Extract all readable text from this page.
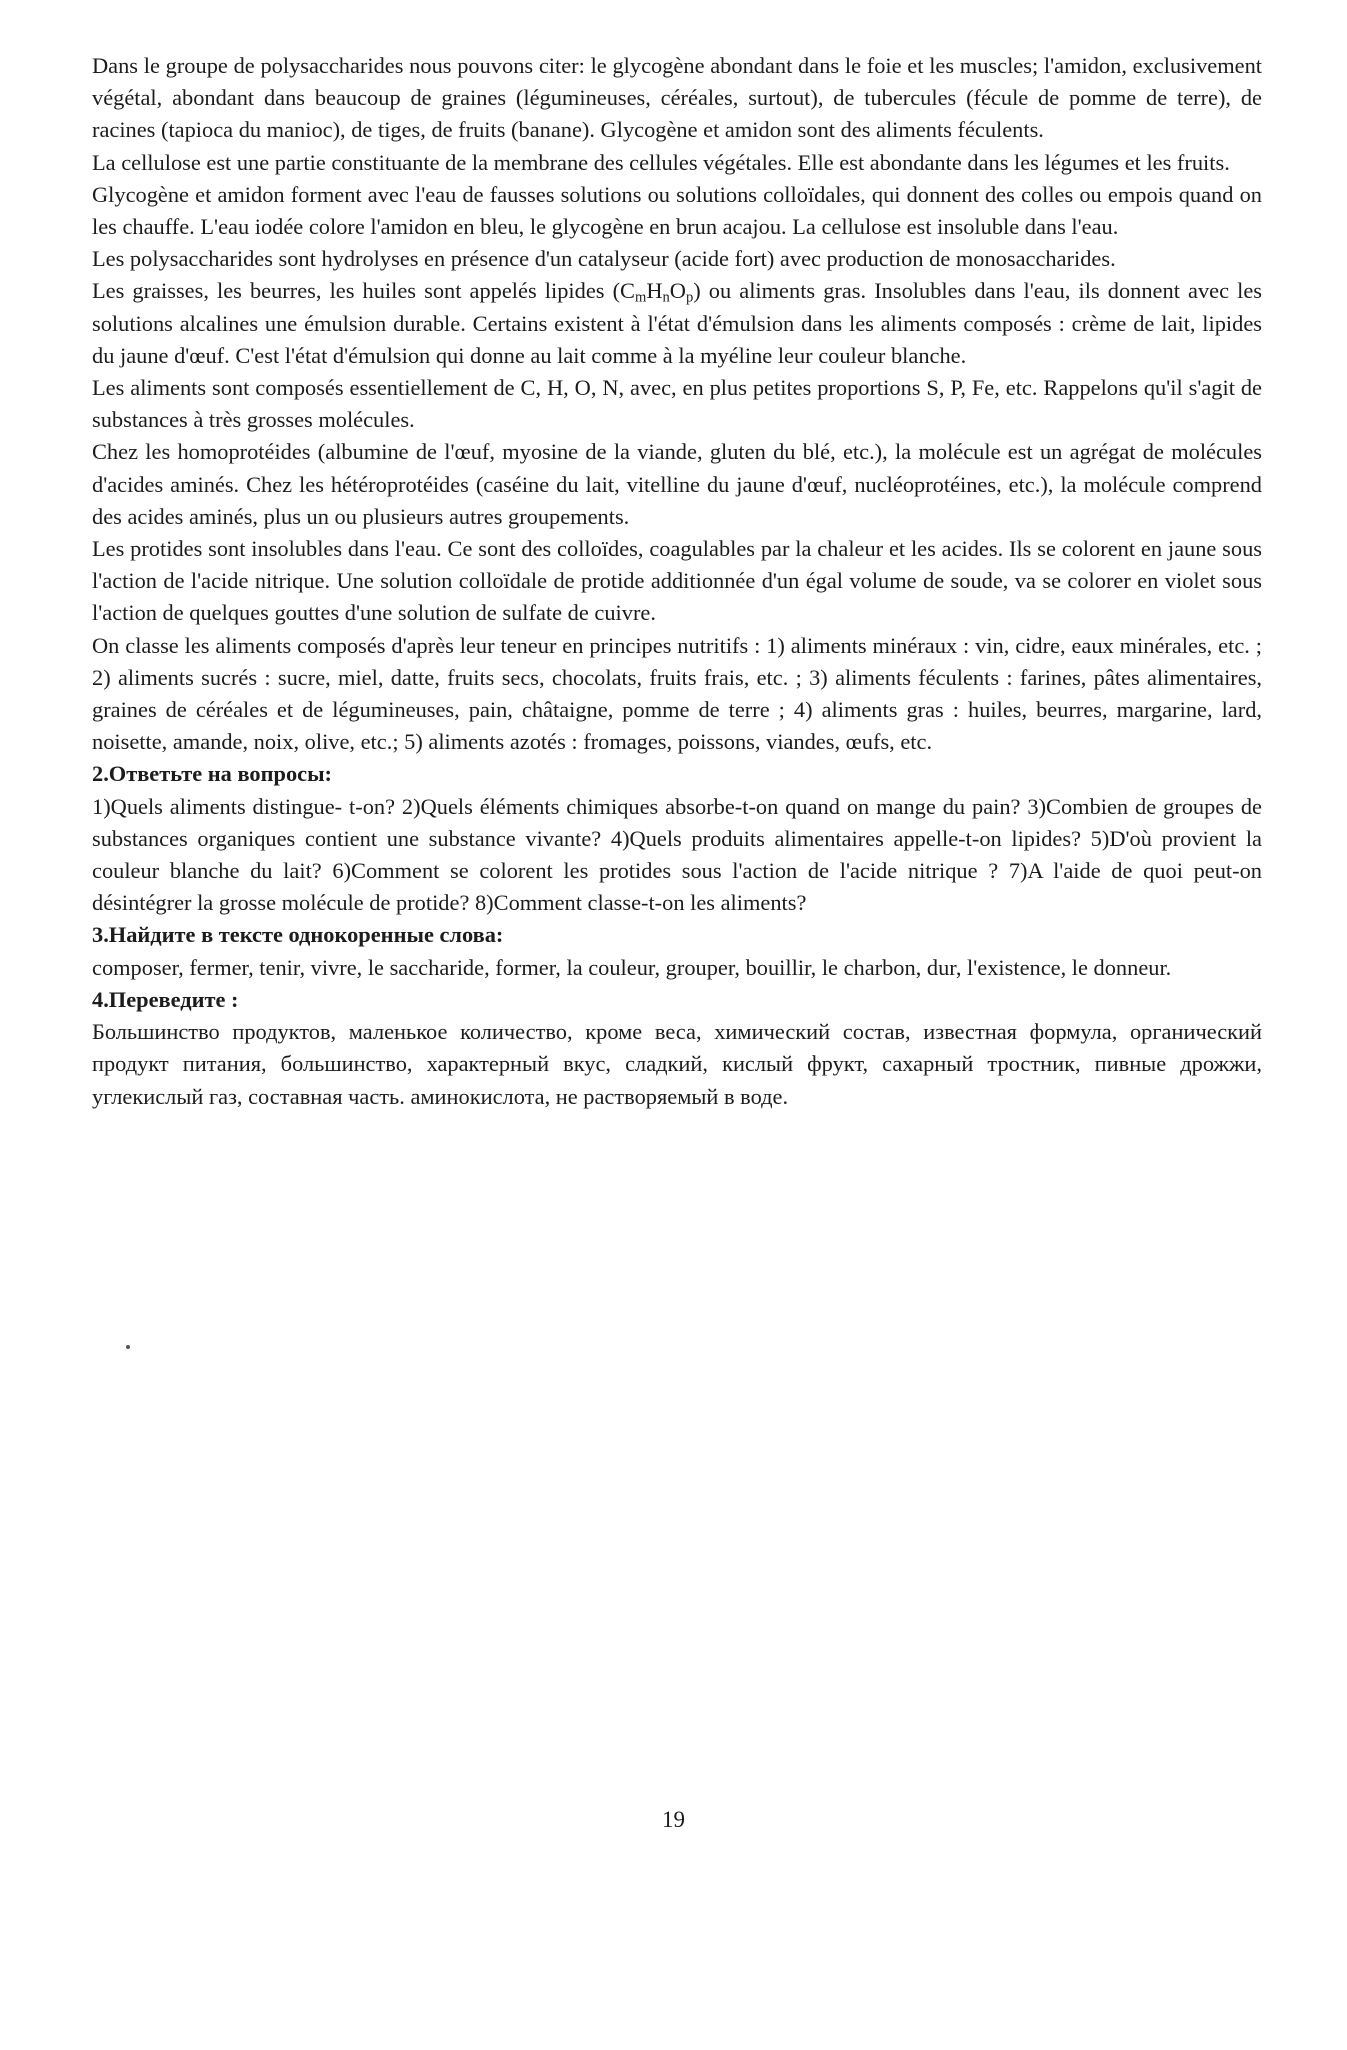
Dans le groupe de polysaccharides nous pouvons citer: le glycogène abondant dans le foie et les muscles; l'amidon, exclusivement végétal, abondant dans beaucoup de graines (légumineuses, céréales, surtout), de tubercules (fécule de pomme de terre), de racines (tapioca du manioc), de tiges, de fruits (banane). Glycogène et amidon sont des aliments féculents.

La cellulose est une partie constituante de la membrane des cellules végétales. Elle est abondante dans les légumes et les fruits.

Glycogène et amidon forment avec l'eau de fausses solutions ou solutions colloïdales, qui donnent des colles ou empois quand on les chauffe. L'eau iodée colore l'amidon en bleu, le glycogène en brun acajou. La cellulose est insoluble dans l'eau.

Les polysaccharides sont hydrolyses en présence d'un catalyseur (acide fort) avec production de monosaccharides.

Les graisses, les beurres, les huiles sont appelés lipides $(C_mH_nO_p)$ ou aliments gras. Insolubles dans l'eau, ils donnent avec les solutions alcalines une émulsion durable. Certains existent à l'état d'émulsion dans les aliments composés : crème de lait, lipides du jaune d'œuf. C'est l'état d'émulsion qui donne au lait comme à la myéline leur couleur blanche.

Les aliments sont composés essentiellement de C, H, O, N, avec, en plus petites proportions S, P, Fe, etc. Rappelons qu'il s'agit de substances à très grosses molécules.

Chez les homoprotéides (albumine de l'œuf, myosine de la viande, gluten du blé, etc.), la molécule est un agrégat de molécules d'acides aminés. Chez les hétéroprotéides (caséine du lait, vitelline du jaune d'œuf, nucléoprotéines, etc.), la molécule comprend des acides aminés, plus un ou plusieurs autres groupements.

Les protides sont insolubles dans l'eau. Ce sont des colloïdes, coagulables par la chaleur et les acides. Ils se colorent en jaune sous l'action de l'acide nitrique. Une solution colloïdale de protide additionnée d'un égal volume de soude, va se colorer en violet sous l'action de quelques gouttes d'une solution de sulfate de cuivre.

On classe les aliments composés d'après leur teneur en principes nutritifs : 1) aliments minéraux : vin, cidre, eaux minérales, etc. ; 2) aliments sucrés : sucre, miel, datte, fruits secs, chocolats, fruits frais, etc. ; 3) aliments féculents : farines, pâtes alimentaires, graines de céréales et de légumineuses, pain, châtaigne, pomme de terre ; 4) aliments gras : huiles, beurres, margarine, lard, noisette, amande, noix, olive, etc.; 5) aliments azotés : fromages, poissons, viandes, œufs, etc.

2.Ответьте на вопросы:

1)Quels aliments distingue- t-on? 2)Quels éléments chimiques absorbe-t-on quand on mange du pain? 3)Combien de groupes de substances organiques contient une substance vivante? 4)Quels produits alimentaires appelle-t-on lipides? 5)D'où provient la couleur blanche du lait? 6)Comment se colorent les protides sous l'action de l'acide nitrique ? 7)A l'aide de quoi peut-on désintégrer la grosse molécule de protide? 8)Comment classe-t-on les aliments?

3.Найдите в тексте однокоренные слова:

composer, fermer, tenir, vivre, le saccharide, former, la couleur, grouper, bouillir, le charbon, dur, l'existence, le donneur.

4.Переведите :

Большинство продуктов, маленькое количество, кроме веса, химический состав, известная формула, органический продукт питания, большинство, характерный вкус, сладкий, кислый фрукт, сахарный тростник, пивные дрожжи, углекислый газ, составная часть. аминокислота, не растворяемый в воде.

19
